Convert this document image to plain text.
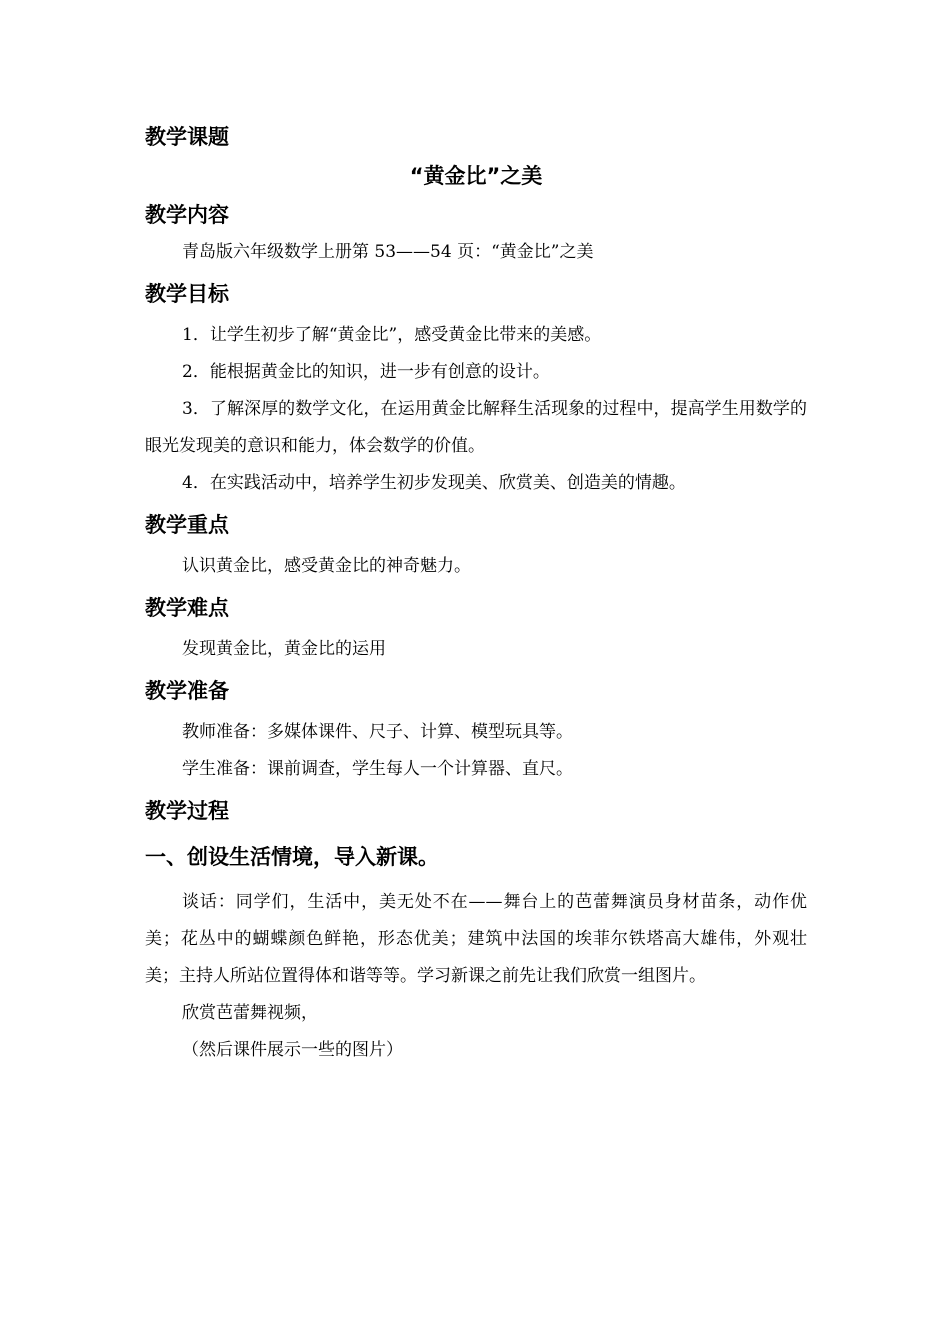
教学课题
“黄金比”之美
教学内容

青岛版六年级数学上册第 53——54 页：“黄金比”之美

教学目标

1．让学生初步了解“黄金比”，感受黄金比带来的美感。

2．能根据黄金比的知识，进一步有创意的设计。

3．了解深厚的数学文化，在运用黄金比解释生活现象的过程中，提高学生用数学的眼光发现美的意识和能力，体会数学的价值。

4．在实践活动中，培养学生初步发现美、欣赏美、创造美的情趣。

教学重点

认识黄金比，感受黄金比的神奇魅力。

教学难点

发现黄金比，黄金比的运用

教学准备

教师准备：多媒体课件、尺子、计算、模型玩具等。

学生准备：课前调查，学生每人一个计算器、直尺。

教学过程
一、创设生活情境，导入新课。

谈话：同学们，生活中，美无处不在——舞台上的芭蕾舞演员身材苗条，动作优美；花丛中的蝴蝶颜色鲜艳，形态优美；建筑中法国的埃菲尔铁塔高大雄伟，外观壮美；主持人所站位置得体和谐等等。学习新课之前先让我们欣赏一组图片。

欣赏芭蕾舞视频，

（然后课件展示一些的图片）
